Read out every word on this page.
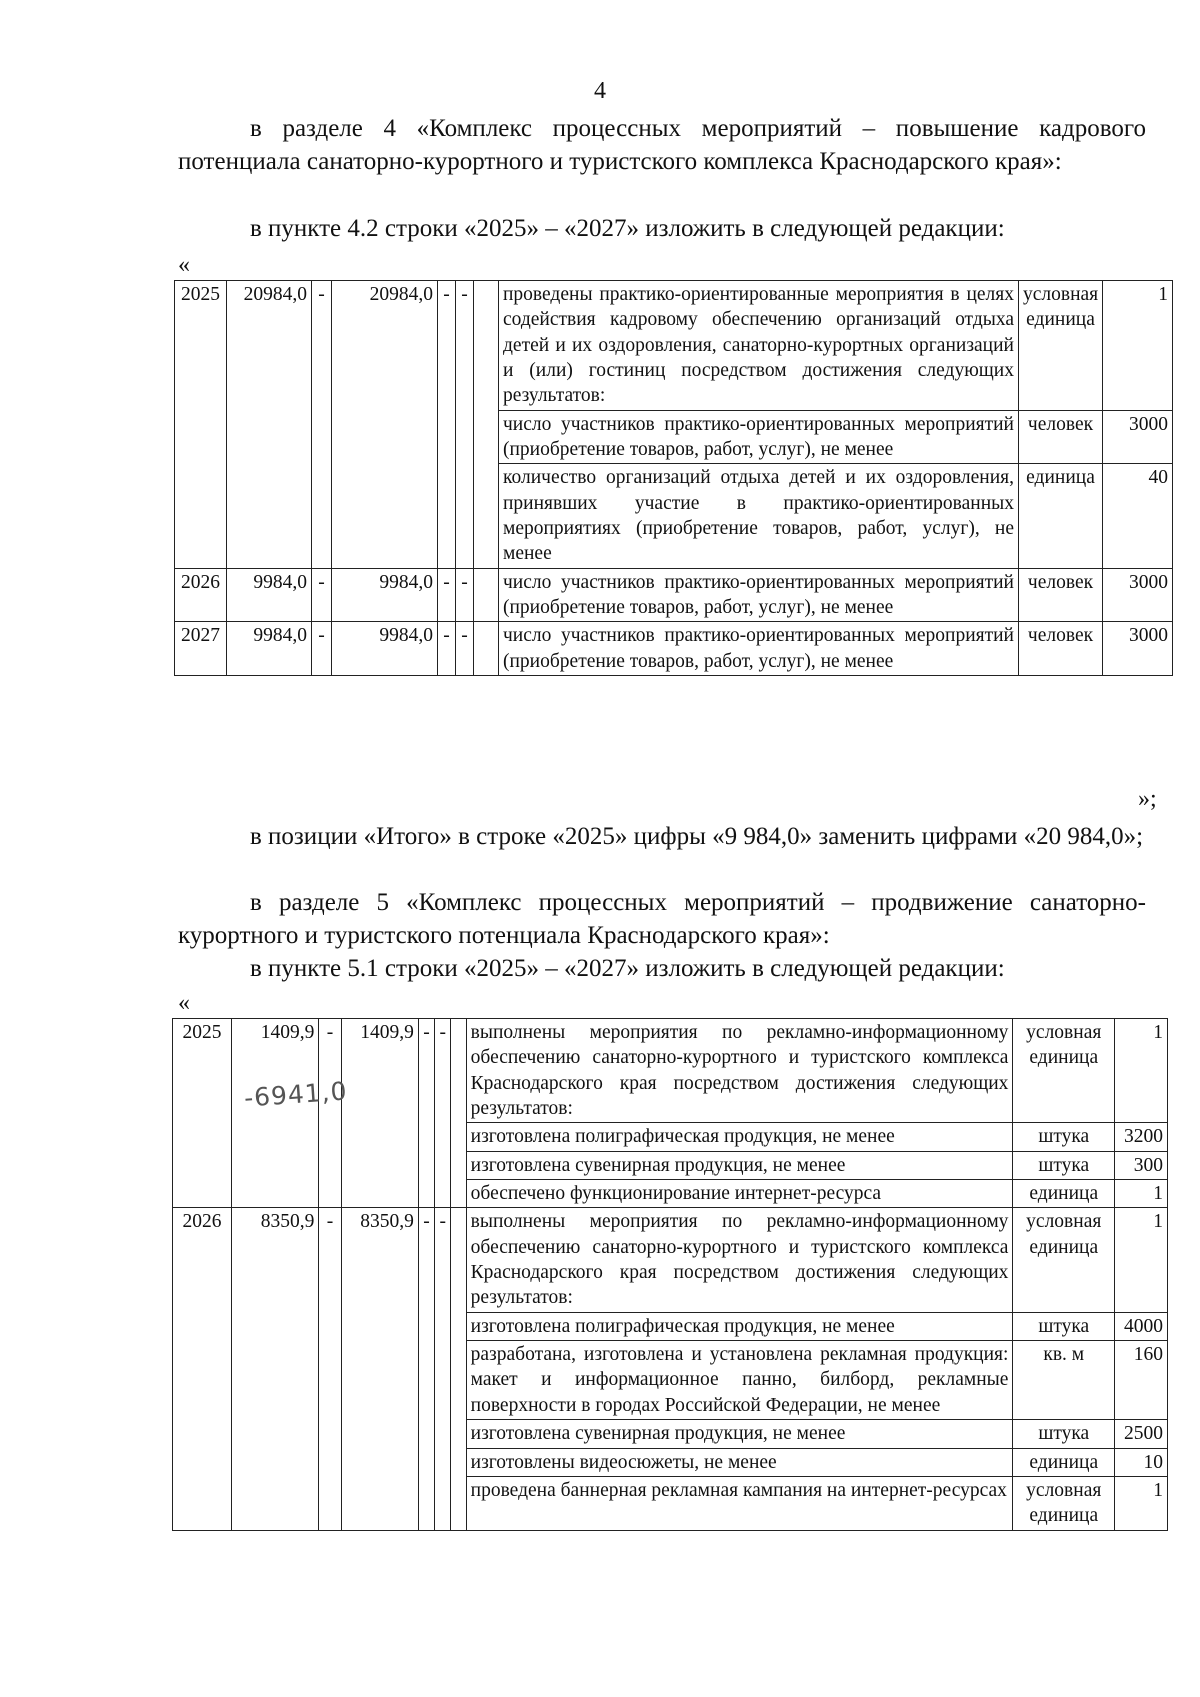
4
в разделе 4 «Комплекс процессных мероприятий – повышение кадрового потенциала санаторно-курортного и туристского комплекса Краснодарского края»:
в пункте 4.2 строки «2025» – «2027» изложить в следующей редакции:
«
2025	20984,0	-	20984,0	-	-		проведены практико-ориентированные мероприятия в целях содействия кадровому обеспечению организаций отдыха детей и их оздоровления, санаторно-курортных организаций и (или) гостиниц посредством достижения следующих результатов:	условная единица	1
							число участников практико-ориентированных мероприятий (приобретение товаров, работ, услуг), не менее	человек	3000
							количество организаций отдыха детей и их оздоровления, принявших участие в практико-ориентированных мероприятиях (приобретение товаров, работ, услуг), не менее	единица	40
2026	9984,0	-	9984,0	-	-		число участников практико-ориентированных мероприятий (приобретение товаров, работ, услуг), не менее	человек	3000
2027	9984,0	-	9984,0	-	-		число участников практико-ориентированных мероприятий (приобретение товаров, работ, услуг), не менее	человек	3000
»;
в позиции «Итого» в строке «2025» цифры «9 984,0» заменить цифрами «20 984,0»;
в разделе 5 «Комплекс процессных мероприятий – продвижение санаторно-курортного и туристского потенциала Краснодарского края»:
в пункте 5.1 строки «2025» – «2027» изложить в следующей редакции:
«
2025	1409,9	-	1409,9	-	-		выполнены мероприятия по рекламно-информационному обеспечению санаторно-курортного и туристского комплекса Краснодарского края посредством достижения следующих результатов:	условная единица	1
							изготовлена полиграфическая продукция, не менее	штука	3200
							изготовлена сувенирная продукция, не менее	штука	300
							обеспечено функционирование интернет-ресурса	единица	1
2026	8350,9	-	8350,9	-	-		выполнены мероприятия по рекламно-информационному обеспечению санаторно-курортного и туристского комплекса Краснодарского края посредством достижения следующих результатов:	условная единица	1
							изготовлена полиграфическая продукция, не менее	штука	4000
							разработана, изготовлена и установлена рекламная продукция: макет и информационное панно, билборд, рекламные поверхности в городах Российской Федерации, не менее	кв. м	160
							изготовлена сувенирная продукция, не менее	штука	2500
							изготовлены видеосюжеты, не менее	единица	10
							проведена баннерная рекламная кампания на интернет-ресурсах	условная единица	1
-6941,0
